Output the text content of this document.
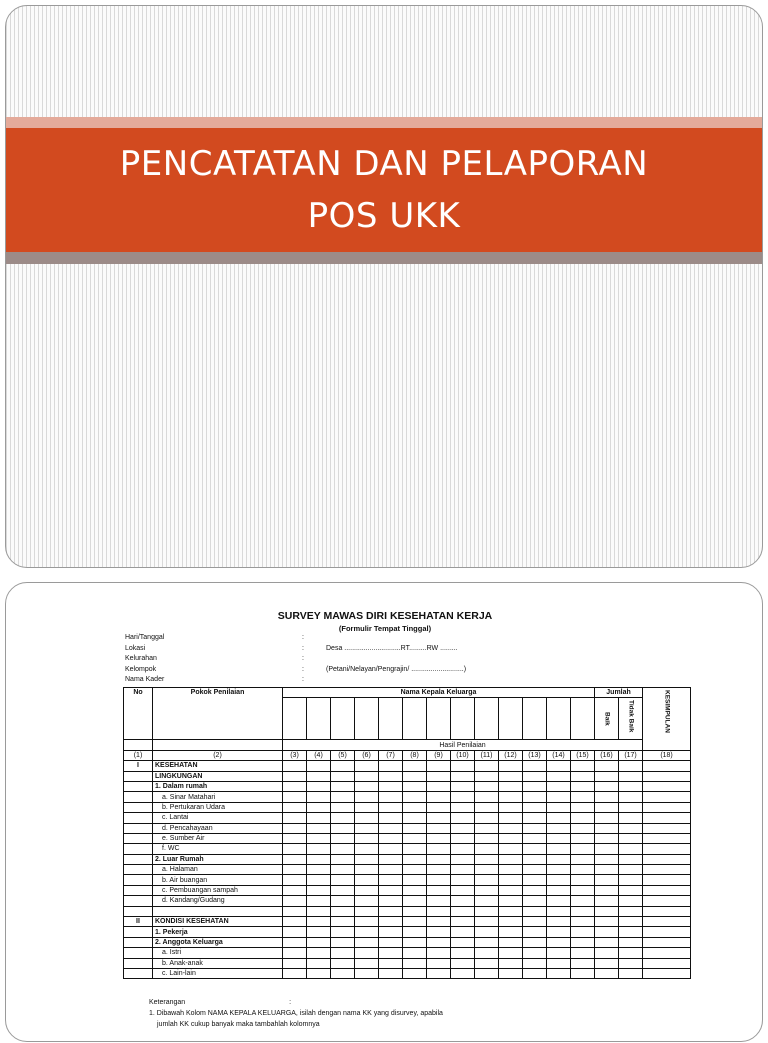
PENCATATAN DAN PELAPORAN
POS UKK
SURVEY MAWAS DIRI KESEHATAN KERJA
(Formulir Tempat Tinggal)
Hari/Tanggal	:
Lokasi	:	Desa .............................RT.........RW .........
Kelurahan	:
Kelompok	:	(Petani/Nelayan/Pengrajin/ ...........................)
Nama Kader	:
No	Pokok Penilaian	Nama Kepala Keluarga													Jumlah		KESIMPULAN

															Baik	Tidak Baik	

		Hasil Penilaian															
(1)	(2)	(3)	(4)	(5)	(6)	(7)	(8)	(9)	(10)	(11)	(12)	(13)	(14)	(15)	(16)	(17)	(18)
I	KESEHATAN																
	LINGKUNGAN																
	1. Dalam rumah																
	a. Sinar Matahari																
	b. Pertukaran Udara																
	c. Lantai																
	d. Pencahayaan																
	e. Sumber Air																
	f. WC																
	2. Luar Rumah																
	a. Halaman																
	b. Air buangan																
	c. Pembuangan sampah																
	d. Kandang/Gudang																

II	KONDISI KESEHATAN																
	1. Pekerja																
	2. Anggota Keluarga																
	a. Istri																
	b. Anak-anak																
	c. Lain-lain																
Keterangan	:
1. Dibawah Kolom NAMA KEPALA KELUARGA, isilah dengan nama KK yang disurvey, apabila
jumlah KK cukup banyak maka tambahlah kolomnya
